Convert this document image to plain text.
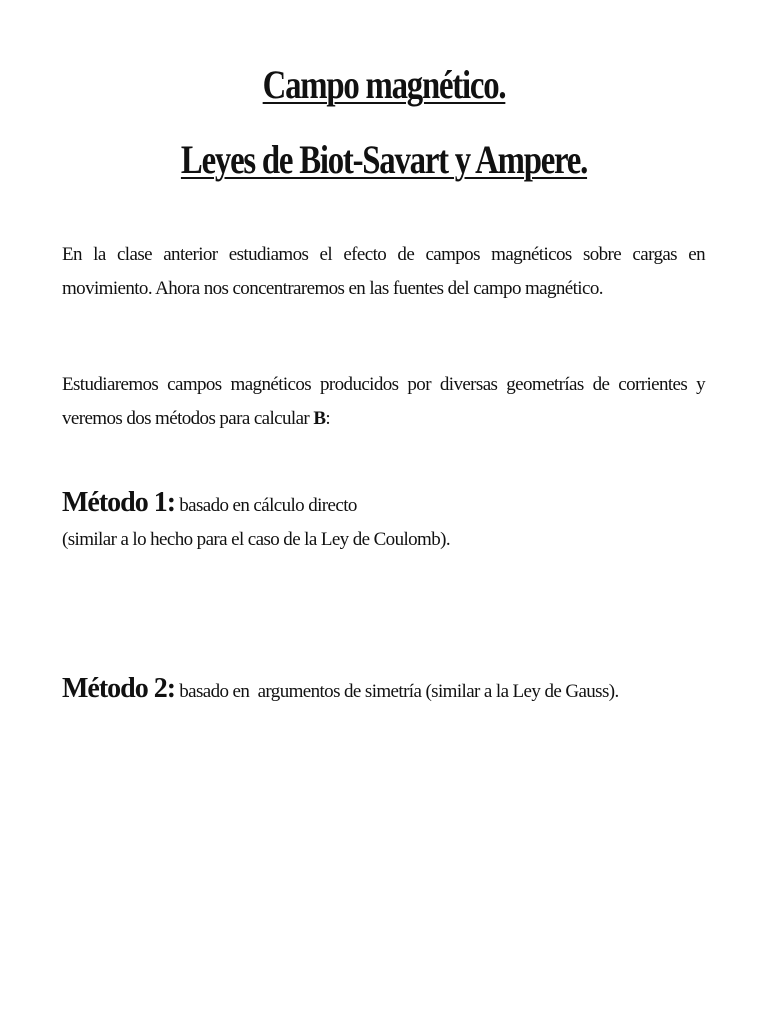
Campo magnético.
Leyes de Biot-Savart y Ampere.

En la clase anterior estudiamos el efecto de campos magnéticos sobre cargas en movimiento. Ahora nos concentraremos en las fuentes del campo magnético.

Estudiaremos campos magnéticos producidos por diversas geometrías de corrientes y veremos dos métodos para calcular B:

Método 1: basado en cálculo directo
(similar a lo hecho para el caso de la Ley de Coulomb).
Método 2: basado en  argumentos de simetría (similar a la Ley de Gauss).
